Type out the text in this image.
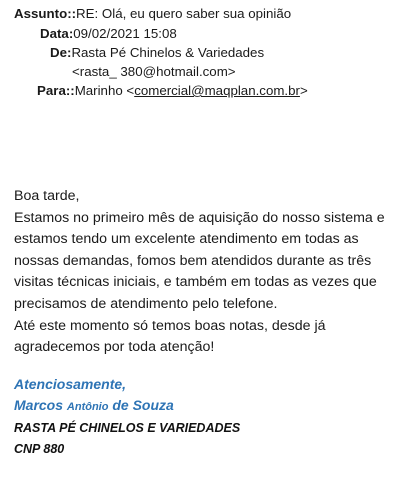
Assunto::RE: Olá, eu quero saber sua opinião
Data:09/02/2021 15:08
De:Rasta Pé Chinelos & Variedades
<rasta_ 380@hotmail.com>
Para::Marinho <comercial@maqplan.com.br>
Boa tarde,
Estamos no primeiro mês de aquisição do nosso sistema e
estamos tendo um excelente atendimento em todas as
nossas demandas, fomos bem atendidos durante as três
visitas técnicas iniciais, e também em todas as vezes que
precisamos de atendimento pelo telefone.
Até este momento só temos boas notas, desde já
agradecemos por toda atenção!
Atenciosamente,
Marcos Antônio de Souza
RASTA PÉ CHINELOS E VARIEDADES
CNP 880
